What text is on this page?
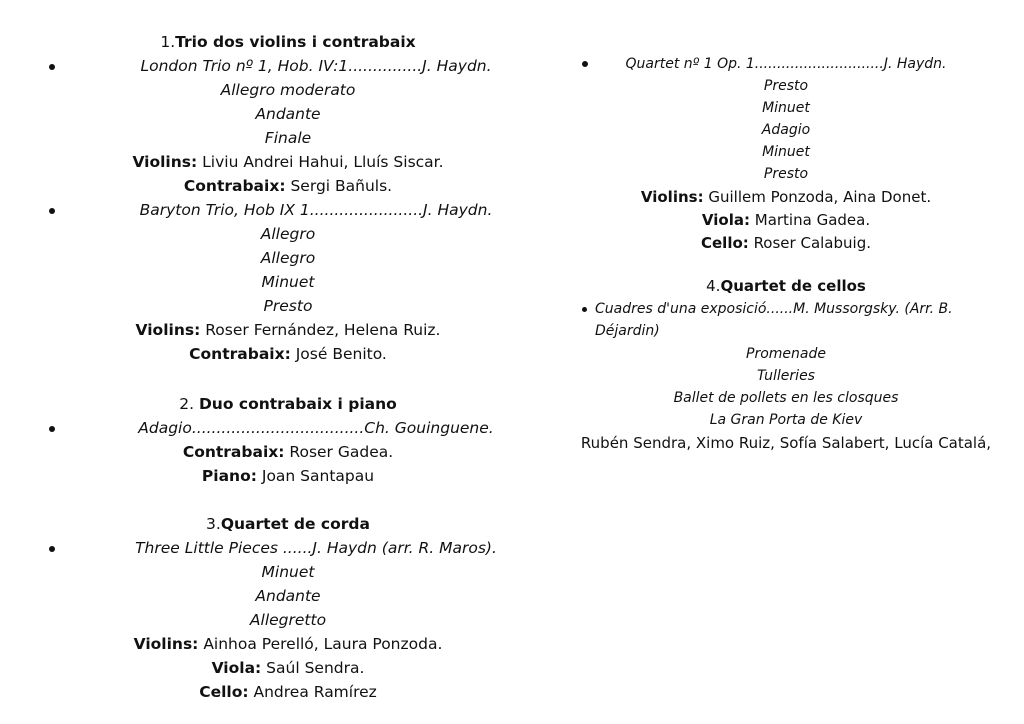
1.Trio dos violins i contrabaix
London Trio nº 1, Hob. IV:1...............J. Haydn.
Allegro moderato
Andante
Finale
Violins: Liviu Andrei Hahui, Lluís Siscar.
Contrabaix: Sergi Bañuls.
Baryton Trio, Hob IX 1.......................J. Haydn.
Allegro
Allegro
Minuet
Presto
Violins: Roser Fernández, Helena Ruiz.
Contrabaix: José Benito.
2. Duo contrabaix i piano
Adagio...................................Ch. Gouinguene.
Contrabaix: Roser Gadea.
Piano: Joan Santapau
3.Quartet de corda
Three Little Pieces ......J. Haydn (arr. R. Maros).
Minuet
Andante
Allegretto
Violins: Ainhoa Perelló, Laura Ponzoda.
Viola: Saúl Sendra.
Cello: Andrea Ramírez
Quartet nº 1 Op. 1.............................J. Haydn.
Presto
Minuet
Adagio
Minuet
Presto
Violins: Guillem Ponzoda, Aina Donet.
Viola: Martina Gadea.
Cello: Roser Calabuig.
4.Quartet de cellos
Cuadres d'una exposició......M. Mussorgsky. (Arr. B.
Déjardin)
Promenade
Tulleries
Ballet de pollets en les closques
La Gran Porta de Kiev
Rubén Sendra, Ximo Ruiz, Sofía Salabert, Lucía Catalá,
